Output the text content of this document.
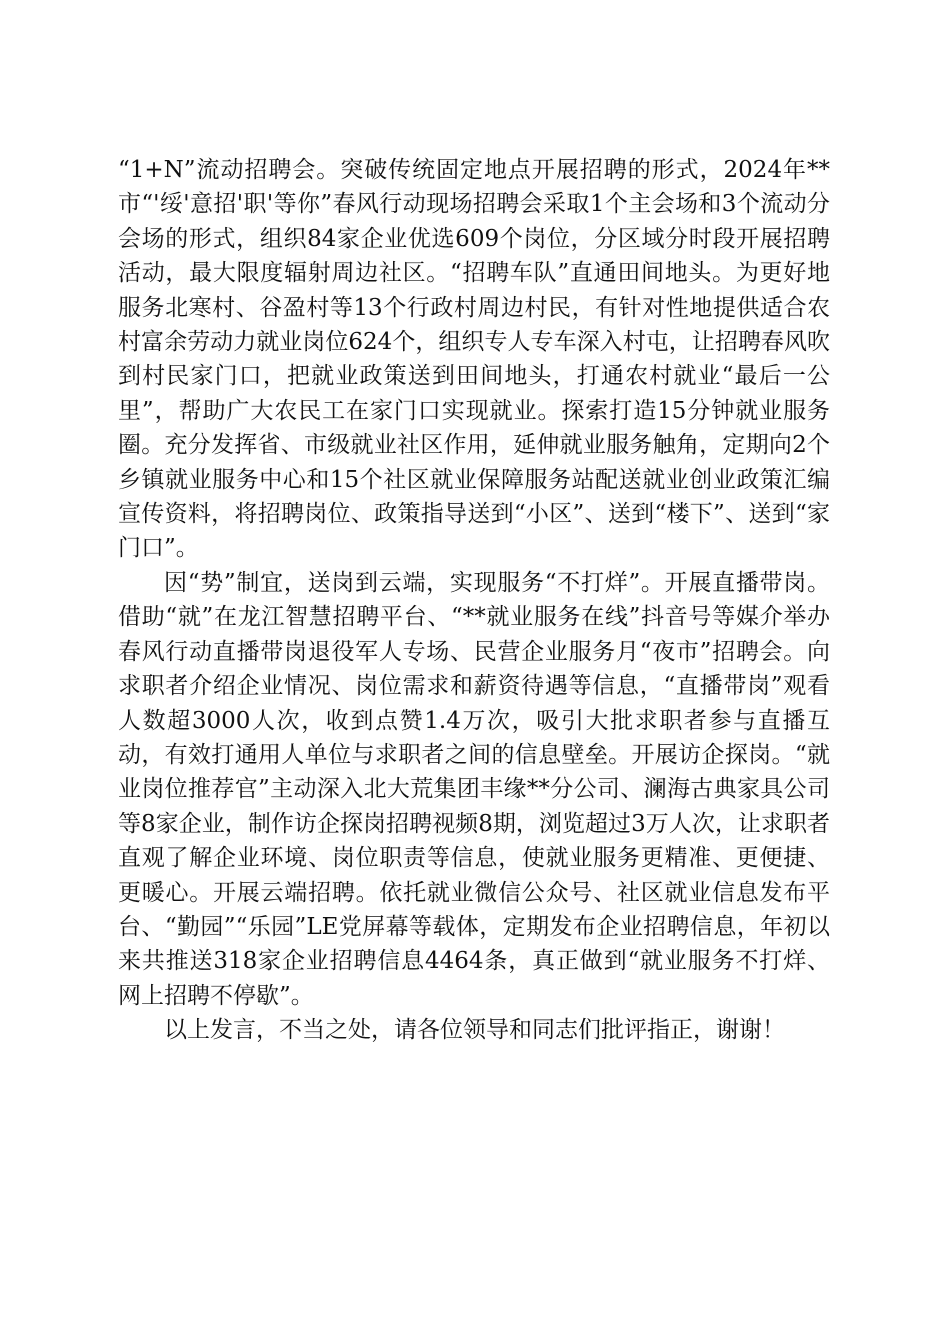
“1+N”流动招聘会。突破传统固定地点开展招聘的形式，2024年**市“'绥'意招'职'等你”春风行动现场招聘会采取1个主会场和3个流动分会场的形式，组织84家企业优选609个岗位，分区域分时段开展招聘活动，最大限度辐射周边社区。“招聘车队”直通田间地头。为更好地服务北寒村、谷盈村等13个行政村周边村民，有针对性地提供适合农村富余劳动力就业岗位624个，组织专人专车深入村屯，让招聘春风吹到村民家门口，把就业政策送到田间地头，打通农村就业“最后一公里”，帮助广大农民工在家门口实现就业。探索打造15分钟就业服务圈。充分发挥省、市级就业社区作用，延伸就业服务触角，定期向2个乡镇就业服务中心和15个社区就业保障服务站配送就业创业政策汇编宣传资料，将招聘岗位、政策指导送到“小区”、送到“楼下”、送到“家门口”。

因“势”制宜，送岗到云端，实现服务“不打烊”。开展直播带岗。借助“就”在龙江智慧招聘平台、“**就业服务在线”抖音号等媒介举办春风行动直播带岗退役军人专场、民营企业服务月“夜市”招聘会。向求职者介绍企业情况、岗位需求和薪资待遇等信息，“直播带岗”观看人数超3000人次，收到点赞1.4万次，吸引大批求职者参与直播互动，有效打通用人单位与求职者之间的信息壁垒。开展访企探岗。“就业岗位推荐官”主动深入北大荒集团丰缘**分公司、澜海古典家具公司等8家企业，制作访企探岗招聘视频8期，浏览超过3万人次，让求职者直观了解企业环境、岗位职责等信息，使就业服务更精准、更便捷、更暖心。开展云端招聘。依托就业微信公众号、社区就业信息发布平台、“勤园”“乐园”LE党屏幕等载体，定期发布企业招聘信息，年初以来共推送318家企业招聘信息4464条，真正做到“就业服务不打烊、网上招聘不停歇”。

以上发言，不当之处，请各位领导和同志们批评指正，谢谢！
